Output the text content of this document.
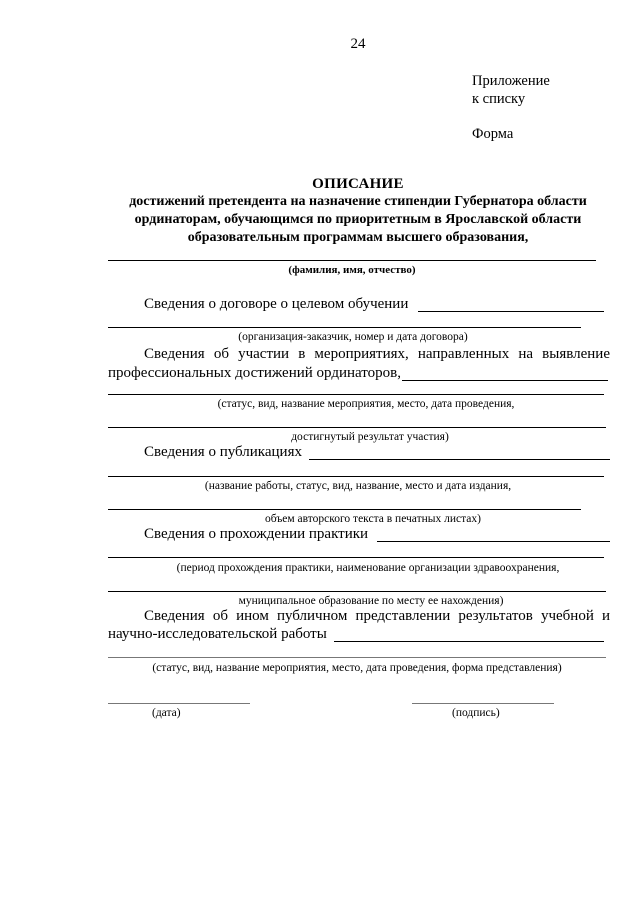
24
Приложение
к списку
Форма
ОПИСАНИЕ
достижений претендента на назначение стипендии Губернатора области
ординаторам, обучающимся по приоритетным в Ярославской области
образовательным программам высшего образования,
(фамилия, имя, отчество)
Сведения о договоре о целевом обучении
(организация-заказчик, номер и дата договора)
Сведения об участии в мероприятиях, направленных на выявление
профессиональных достижений ординаторов,
(статус, вид, название мероприятия, место, дата проведения,
достигнутый результат участия)
Сведения о публикациях
(название работы, статус, вид, название, место и дата издания,
объем авторского текста в печатных листах)
Сведения о прохождении практики
(период прохождения практики, наименование организации здравоохранения,
муниципальное образование по месту ее нахождения)
Сведения об ином публичном представлении результатов учебной и
научно-исследовательской работы
(статус, вид, название мероприятия, место, дата проведения, форма представления)
(дата)	(подпись)
